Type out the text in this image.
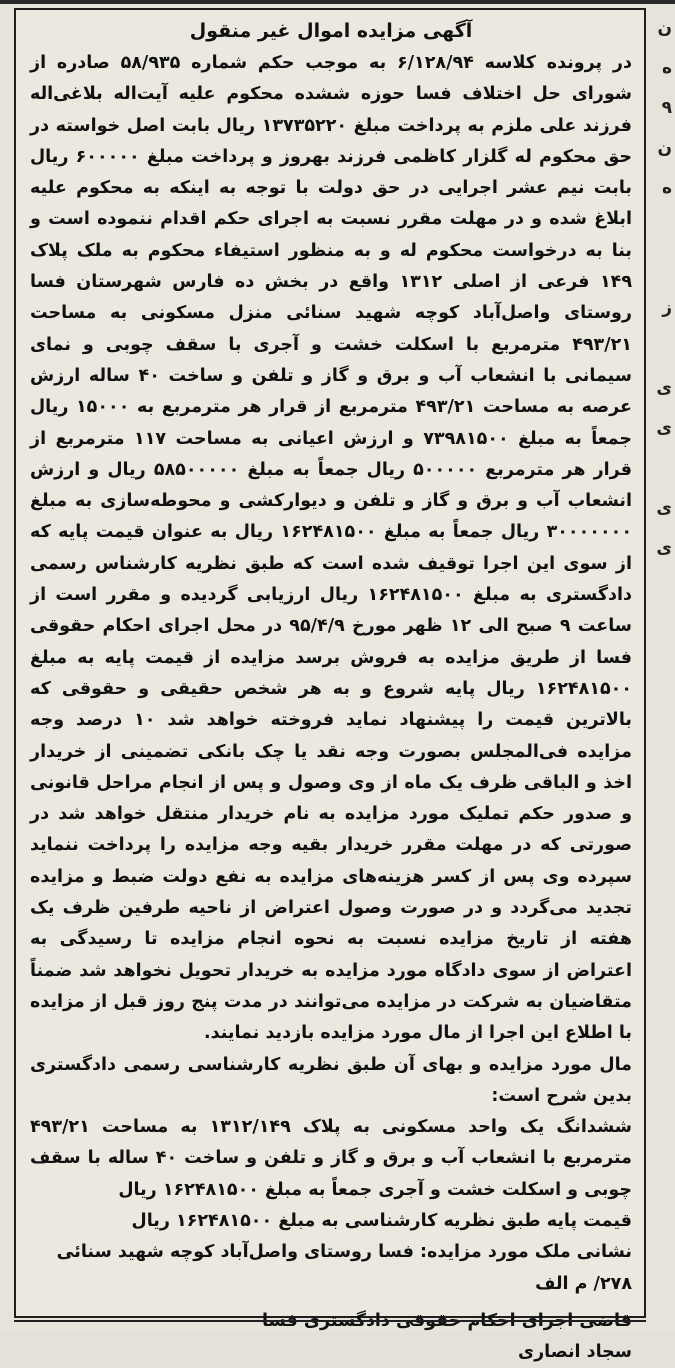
آگهی مزایده اموال غیر منقول

در پرونده کلاسه ۶/۱۲۸/۹۴ به موجب حکم شماره ۵۸/۹۳۵ صادره از شورای حل اختلاف فسا حوزه ششده محکوم علیه آیت‌اله بلاغی‌اله فرزند علی ملزم به پرداخت مبلغ ۱۳۷۳۵۲۲۰ ریال بابت اصل خواسته در حق محکوم له گلزار کاظمی فرزند بهروز و پرداخت مبلغ ۶۰۰۰۰۰ ریال بابت نیم عشر اجرایی در حق دولت با توجه به اینکه به محکوم علیه ابلاغ شده و در مهلت مقرر نسبت به اجرای حکم اقدام ننموده است و بنا به درخواست محکوم له و به منظور استیفاء محکوم به ملک پلاک ۱۴۹ فرعی از اصلی ۱۳۱۲ واقع در بخش ده فارس شهرستان فسا روستای واصل‌آباد کوچه شهید سنائی منزل مسکونی به مساحت ۴۹۳/۲۱ مترمربع با اسکلت خشت و آجری با سقف چوبی و نمای سیمانی با انشعاب آب و برق و گاز و تلفن و ساخت ۴۰ ساله ارزش عرصه به مساحت ۴۹۳/۲۱ مترمربع از قرار هر مترمربع به ۱۵۰۰۰ ریال جمعاً به مبلغ ۷۳۹۸۱۵۰۰ و ارزش اعیانی به مساحت ۱۱۷ مترمربع از قرار هر مترمربع ۵۰۰۰۰۰ ریال جمعاً به مبلغ ۵۸۵۰۰۰۰۰ ریال و ارزش انشعاب آب و برق و گاز و تلفن و دیوارکشی و محوطه‌سازی به مبلغ ۳۰۰۰۰۰۰۰ ریال جمعاً به مبلغ ۱۶۲۴۸۱۵۰۰ ریال به عنوان قیمت پایه که از سوی این اجرا توقیف شده است که طبق نظریه کارشناس رسمی دادگستری به مبلغ ۱۶۲۴۸۱۵۰۰ ریال ارزیابی گردیده و مقرر است از ساعت ۹ صبح الی ۱۲ ظهر مورخ ۹۵/۴/۹ در محل اجرای احکام حقوقی فسا از طریق مزایده به فروش برسد مزایده از قیمت پایه به مبلغ ۱۶۲۴۸۱۵۰۰ ریال پایه شروع و به هر شخص حقیقی و حقوقی که بالاترین قیمت را پیشنهاد نماید فروخته خواهد شد ۱۰ درصد وجه مزایده فی‌المجلس بصورت وجه نقد یا چک بانکی تضمینی از خریدار اخذ و الباقی ظرف یک ماه از وی وصول و پس از انجام مراحل قانونی و صدور حکم تملیک مورد مزایده به نام خریدار منتقل خواهد شد در صورتی که در مهلت مقرر خریدار بقیه وجه مزایده را پرداخت ننماید سپرده وی پس از کسر هزینه‌های مزایده به نفع دولت ضبط و مزایده تجدید می‌گردد و در صورت وصول اعتراض از ناحیه طرفین ظرف یک هفته از تاریخ مزایده نسبت به نحوه انجام مزایده تا رسیدگی به اعتراض از سوی دادگاه مورد مزایده به خریدار تحویل نخواهد شد ضمناً متقاضیان به شرکت در مزایده می‌توانند در مدت پنج روز قبل از مزایده با اطلاع این اجرا از مال مورد مزایده بازدید نمایند.

مال مورد مزایده و بهای آن طبق نظریه کارشناسی رسمی دادگستری بدین شرح است:

ششدانگ یک واحد مسکونی به پلاک ۱۳۱۲/۱۴۹ به مساحت ۴۹۳/۲۱ مترمربع با انشعاب آب و برق و گاز و تلفن و ساخت ۴۰ ساله با سقف چوبی و اسکلت خشت و آجری جمعاً به مبلغ ۱۶۲۴۸۱۵۰۰ ریال

قیمت پایه طبق نظریه کارشناسی به مبلغ ۱۶۲۴۸۱۵۰۰ ریال

نشانی ملک مورد مزایده: فسا روستای واصل‌آباد کوچه شهید سنائی

۲۷۸/ م الف

قاضی اجرای احکام حقوقی دادگستری فسا

سجاد انصاری

ن
ه
۹
ن
ه
ز
ی
ی
ی
ی
